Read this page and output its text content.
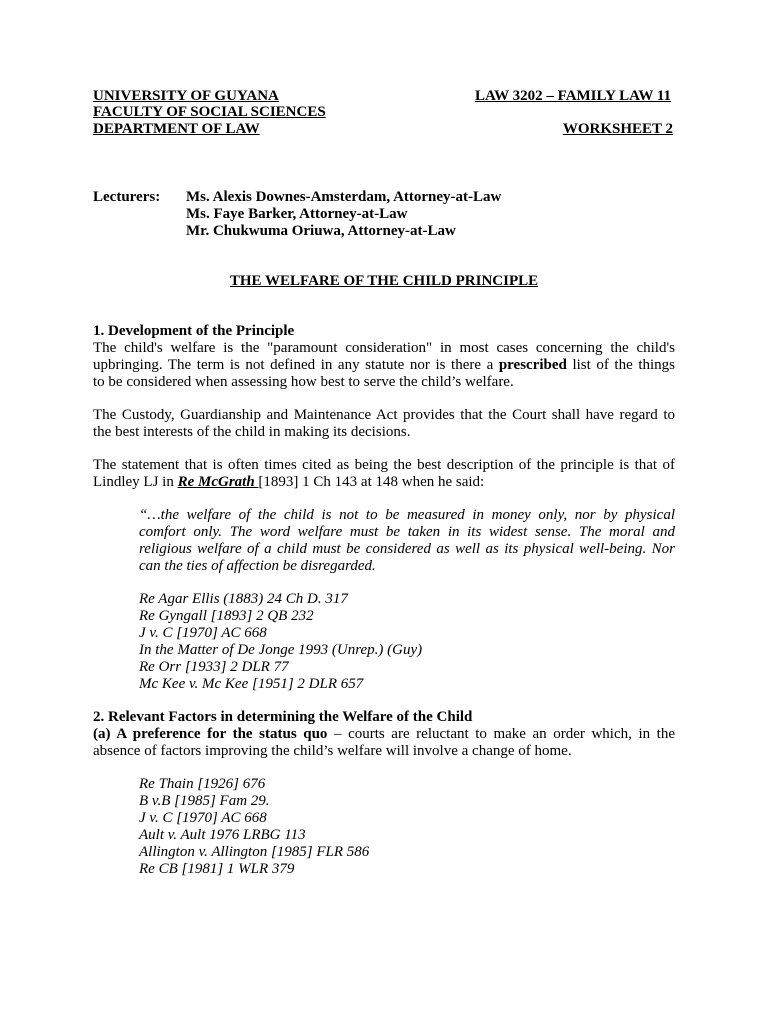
UNIVERSITY OF GUYANA
FACULTY OF SOCIAL SCIENCES
DEPARTMENT OF LAW
LAW 3202 – FAMILY LAW 11
WORKSHEET 2
Lecturers: Ms. Alexis Downes-Amsterdam, Attorney-at-Law
Ms. Faye Barker, Attorney-at-Law
Mr. Chukwuma Oriuwa, Attorney-at-Law
THE WELFARE OF THE CHILD PRINCIPLE
1. Development of the Principle
The child's welfare is the "paramount consideration" in most cases concerning the child's
upbringing. The term is not defined in any statute nor is there a prescribed list of the things
to be considered when assessing how best to serve the child’s welfare.
The Custody, Guardianship and Maintenance Act provides that the Court shall have regard to
the best interests of the child in making its decisions.
The statement that is often times cited as being the best description of the principle is that of
Lindley LJ in Re McGrath [1893] 1 Ch 143 at 148 when he said:
“…the welfare of the child is not to be measured in money only, nor by physical
comfort only. The word welfare must be taken in its widest sense. The moral and
religious welfare of a child must be considered as well as its physical well-being. Nor
can the ties of affection be disregarded.
Re Agar Ellis (1883) 24 Ch D. 317
Re Gyngall [1893] 2 QB 232
J v. C [1970] AC 668
In the Matter of De Jonge 1993 (Unrep.) (Guy)
Re Orr [1933] 2 DLR 77
Mc Kee v. Mc Kee [1951] 2 DLR 657
2. Relevant Factors in determining the Welfare of the Child
(a) A preference for the status quo – courts are reluctant to make an order which, in the
absence of factors improving the child’s welfare will involve a change of home.
Re Thain [1926] 676
B v.B [1985] Fam 29.
J v. C [1970] AC 668
Ault v. Ault 1976 LRBG 113
Allington v. Allington [1985] FLR 586
Re CB [1981] 1 WLR 379
